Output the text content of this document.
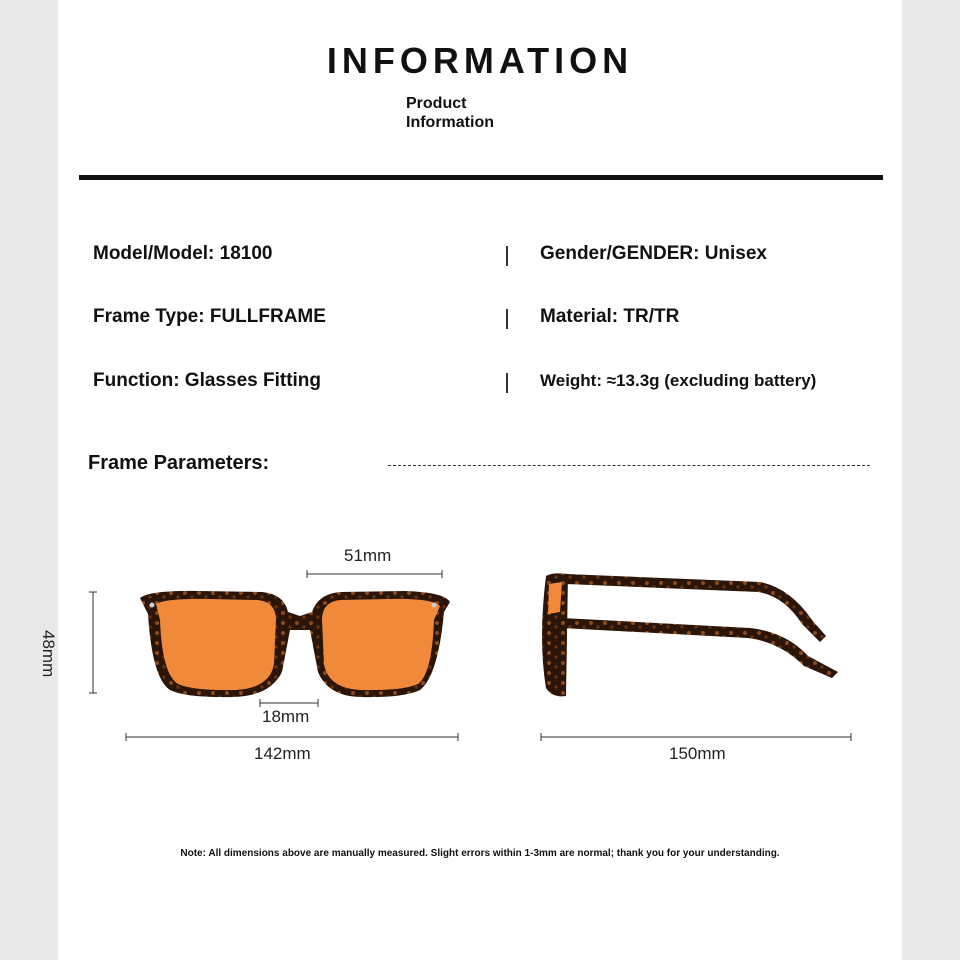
INFORMATION
Product
Information
Model/Model: 18100	Gender/GENDER: Unisex
Frame Type: FULLFRAME	Material: TR/TR
Function: Glasses Fitting	Weight: ≈13.3g (excluding battery)
Frame Parameters:
51mm
48mm
18mm
142mm	150mm
Note: All dimensions above are manually measured. Slight errors within 1-3mm are normal; thank you for your understanding.
